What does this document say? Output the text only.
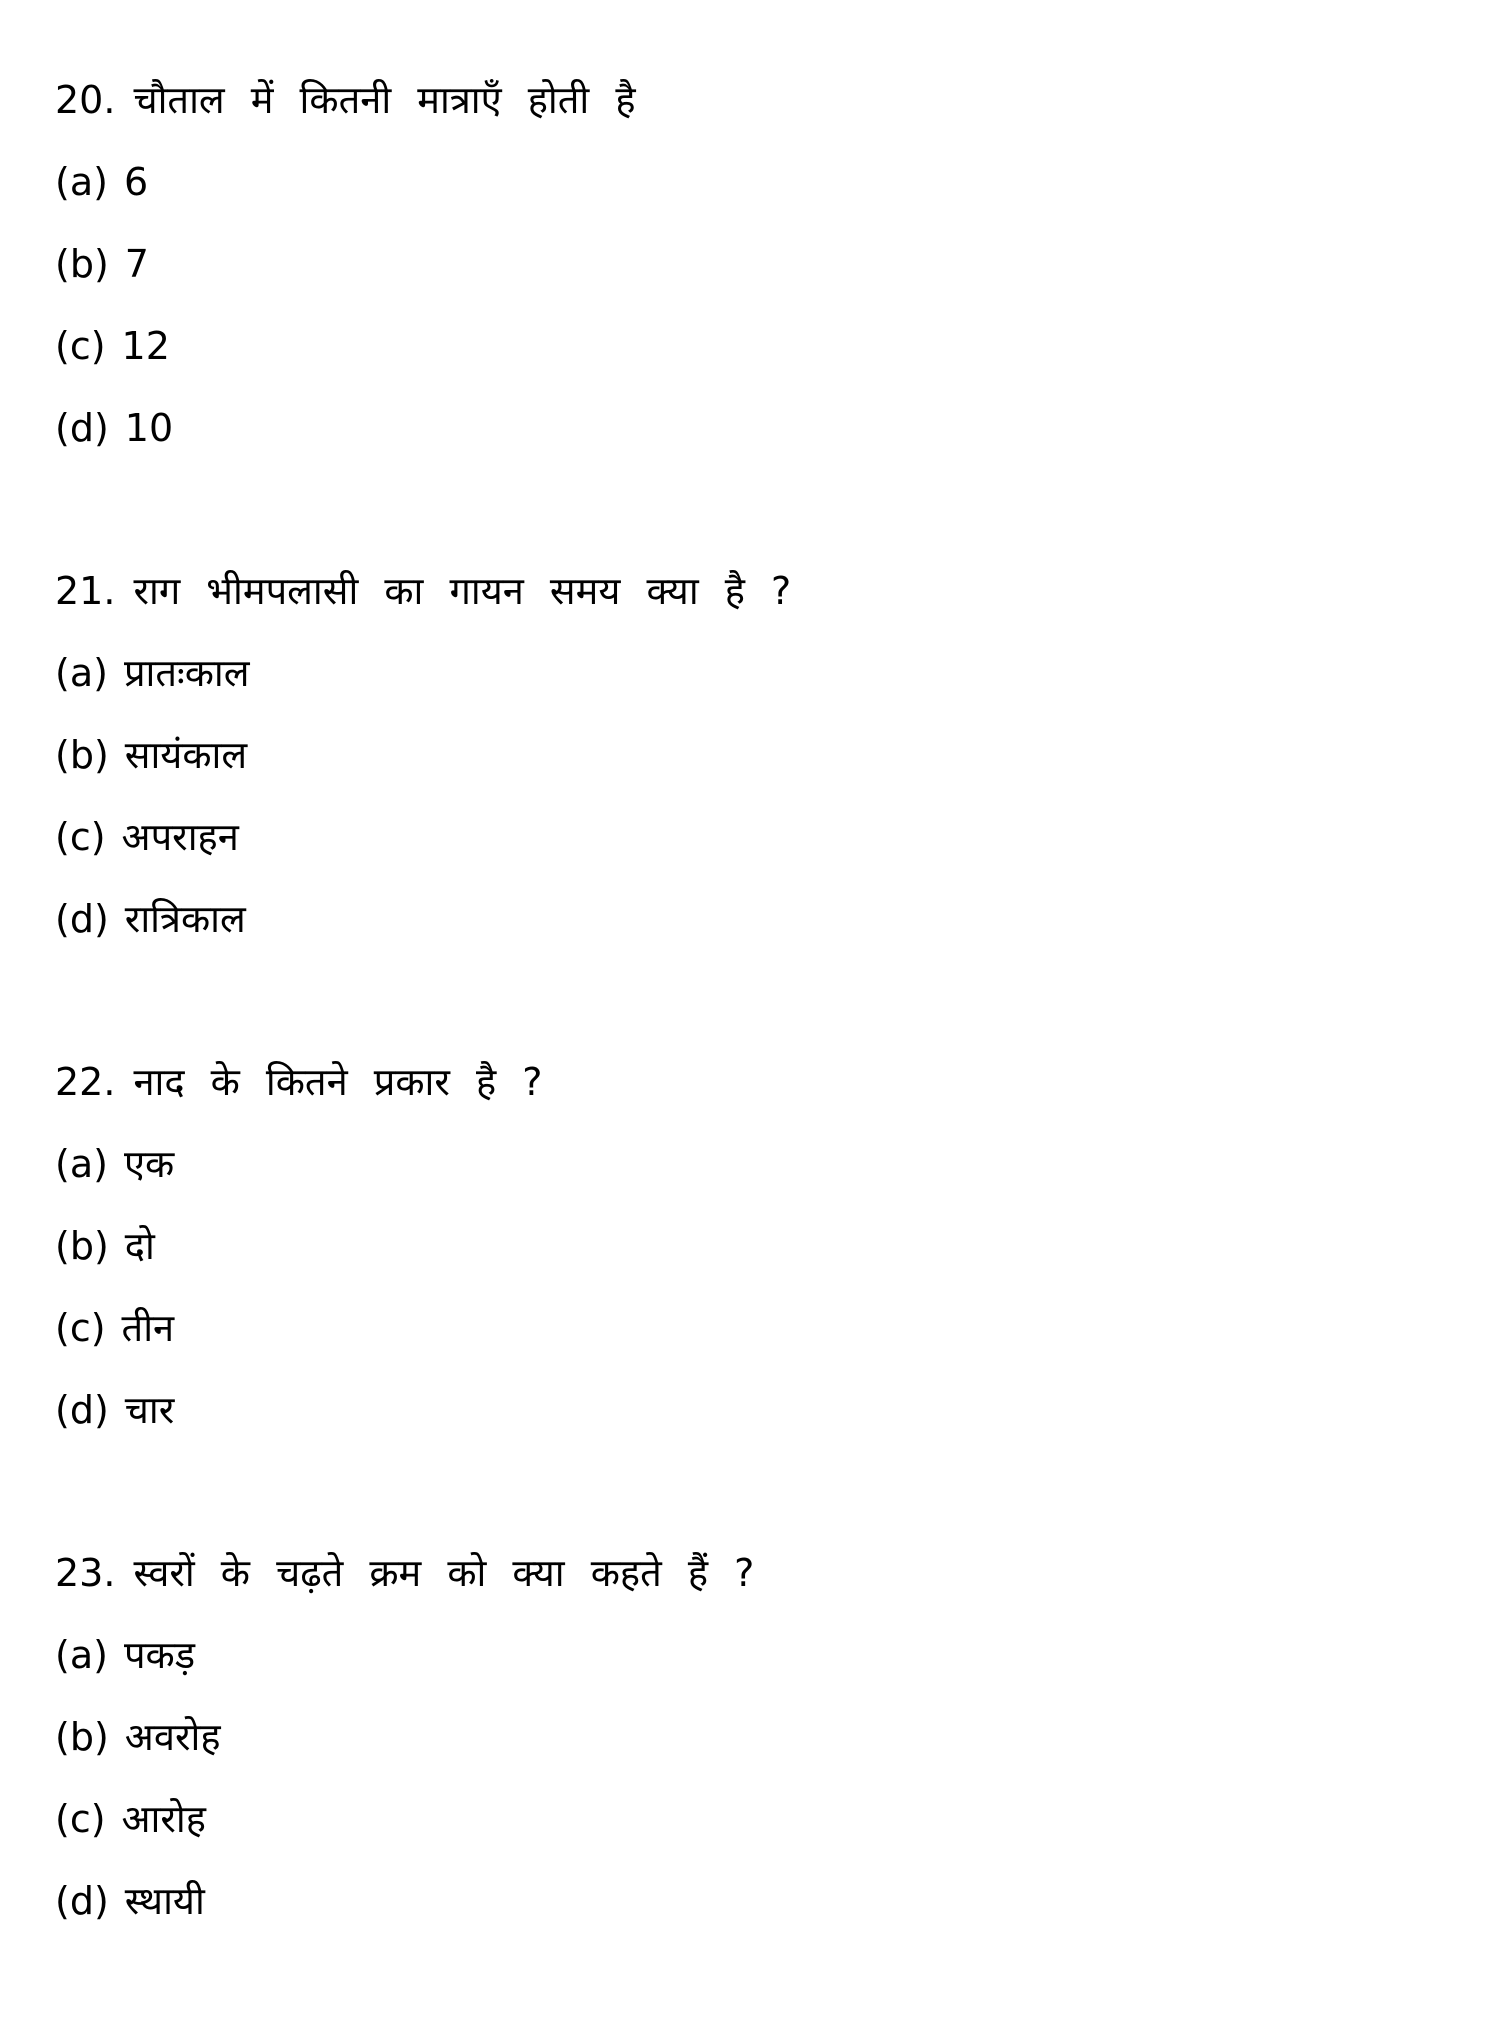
20. चौताल में कितनी मात्राएँ होती है
(a) 6
(b) 7
(c) 12
(d) 10
21. राग भीमपलासी का गायन समय क्या है ?
(a) प्रातःकाल
(b) सायंकाल
(c) अपराहन
(d) रात्रिकाल
22. नाद के कितने प्रकार है ?
(a) एक
(b) दो
(c) तीन
(d) चार
23. स्वरों के चढ़ते क्रम को क्या कहते हैं ?
(a) पकड़
(b) अवरोह
(c) आरोह
(d) स्थायी
